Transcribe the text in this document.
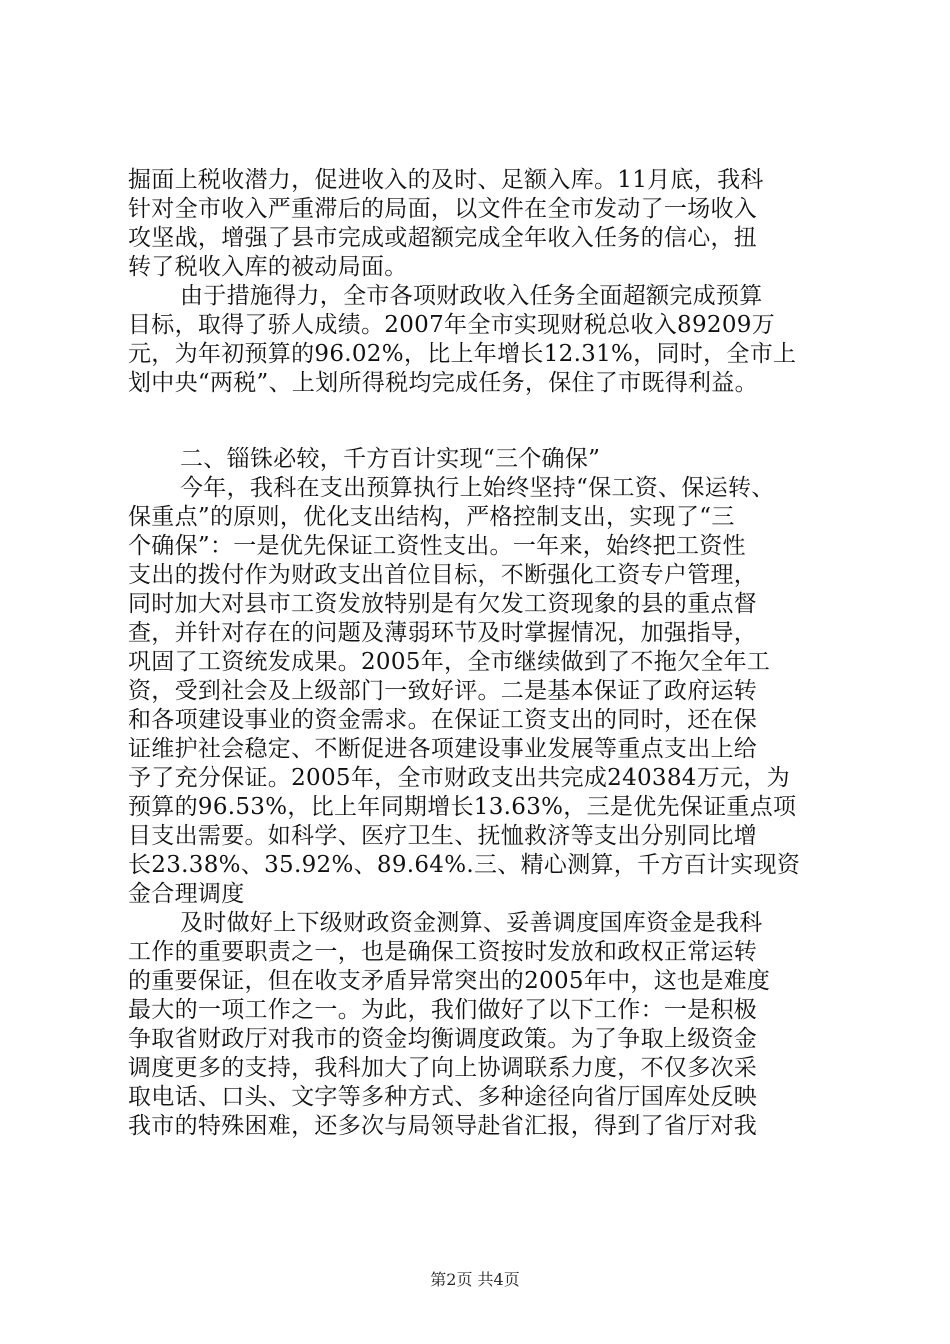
掘面上税收潜力，促进收入的及时、足额入库。11月底，我科
针对全市收入严重滞后的局面，以文件在全市发动了一场收入
攻坚战，增强了县市完成或超额完成全年收入任务的信心，扭
转了税收入库的被动局面。
由于措施得力，全市各项财政收入任务全面超额完成预算
目标，取得了骄人成绩。2007年全市实现财税总收入89209万
元，为年初预算的96.02%，比上年增长12.31%，同时，全市上
划中央“两税”、上划所得税均完成任务，保住了市既得利益。
二、锱铢必较，千方百计实现“三个确保”
今年，我科在支出预算执行上始终坚持“保工资、保运转、
保重点”的原则，优化支出结构，严格控制支出，实现了“三
个确保”：一是优先保证工资性支出。一年来，始终把工资性
支出的拨付作为财政支出首位目标，不断强化工资专户管理，
同时加大对县市工资发放特别是有欠发工资现象的县的重点督
查，并针对存在的问题及薄弱环节及时掌握情况，加强指导，
巩固了工资统发成果。2005年，全市继续做到了不拖欠全年工
资，受到社会及上级部门一致好评。二是基本保证了政府运转
和各项建设事业的资金需求。在保证工资支出的同时，还在保
证维护社会稳定、不断促进各项建设事业发展等重点支出上给
予了充分保证。2005年，全市财政支出共完成240384万元，为
预算的96.53%，比上年同期增长13.63%，三是优先保证重点项
目支出需要。如科学、医疗卫生、抚恤救济等支出分别同比增
长23.38%、35.92%、89.64%.三、精心测算，千方百计实现资
金合理调度
及时做好上下级财政资金测算、妥善调度国库资金是我科
工作的重要职责之一，也是确保工资按时发放和政权正常运转
的重要保证，但在收支矛盾异常突出的2005年中，这也是难度
最大的一项工作之一。为此，我们做好了以下工作：一是积极
争取省财政厅对我市的资金均衡调度政策。为了争取上级资金
调度更多的支持，我科加大了向上协调联系力度，不仅多次采
取电话、口头、文字等多种方式、多种途径向省厅国库处反映
我市的特殊困难，还多次与局领导赴省汇报，得到了省厅对我
第2页 共4页
